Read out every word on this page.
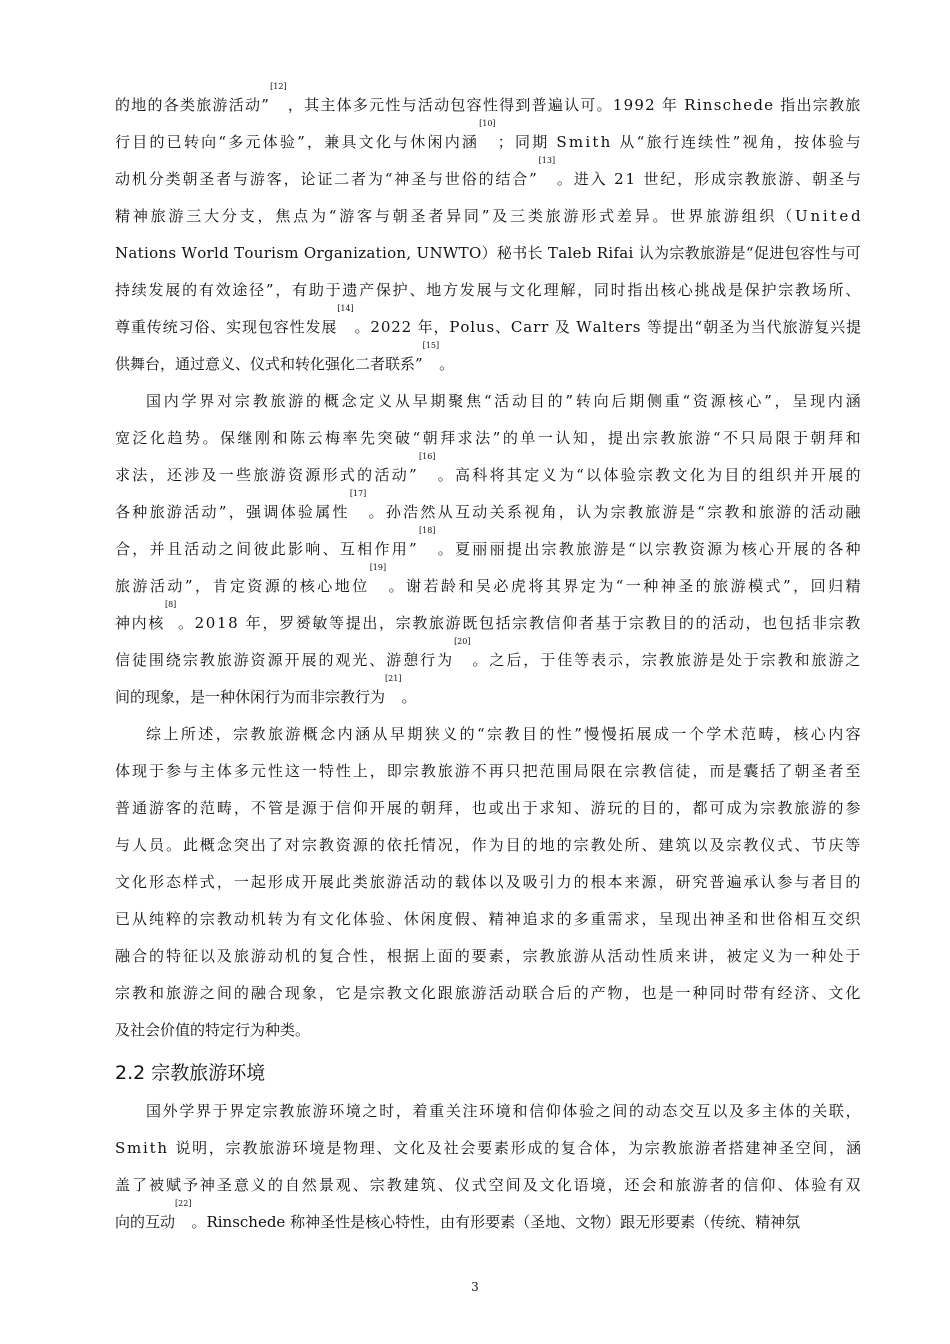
的 地 的 各 类 旅 游 活 动 ”
[12]
， 其 主 体 多 元 性 与 活 动 包 容 性 得 到 普 遍 认 可 。 1 9 9 2
年
R i n s c h e d e
指 出 宗 教 旅
行 目 的 已 转 向 “ 多 元 体 验 ” ， 兼 具 文 化 与 休 闲 内 涵
[10]
； 同 期
S m i t h
从 “ 旅 行 连 续 性 ” 视 角 ， 按 体 验 与
动 机 分 类 朝 圣 者 与 游 客 ， 论 证 二 者 为 “ 神 圣 与 世 俗 的 结 合 ”
[13]
。 进 入
2 1
世 纪 ， 形 成 宗 教 旅 游 、 朝 圣 与
精 神 旅 游 三 大 分 支 ， 焦 点 为 “ 游 客 与 朝 圣 者 异 同 ” 及 三 类 旅 游 形 式 差 异 。 世 界 旅 游 组 织 （ U n i t e d
N a t i o n s
W o r l d
T o u r i s m
O r g a n i z a t i o n ,
U N W T O ） 秘 书 长
T a l e b
R i f a i
认 为 宗 教 旅 游 是 “ 促 进 包 容 性 与 可
持 续 发 展 的 有 效 途 径 ” ， 有 助 于 遗 产 保 护 、 地 方 发 展 与 文 化 理 解 ， 同 时 指 出 核 心 挑 战 是 保 护 宗 教 场 所 、
尊 重 传 统 习 俗 、 实 现 包 容 性 发 展
[14]
。 2 0 2 2
年 ， P o l u s 、 C a r r
及
W a l t e r s
等 提 出 “ 朝 圣 为 当 代 旅 游 复 兴 提
供舞台，通过意义、仪式和转化强化二者联系”
[15]
。
国 内 学 界 对 宗 教 旅 游 的 概 念 定 义 从 早 期 聚 焦 “ 活 动 目 的 ” 转 向 后 期 侧 重 “ 资 源 核 心 ” ， 呈 现 内 涵
宽 泛 化 趋 势 。 保 继 刚 和 陈 云 梅 率 先 突 破 “ 朝 拜 求 法 ” 的 单 一 认 知 ， 提 出 宗 教 旅 游 “ 不 只 局 限 于 朝 拜 和
求 法 ， 还 涉 及 一 些 旅 游 资 源 形 式 的 活 动 ”
[16]
。 高 科 将 其 定 义 为 “ 以 体 验 宗 教 文 化 为 目 的 组 织 并 开 展 的
各 种 旅 游 活 动 ” ， 强 调 体 验 属 性
[17]
。 孙 浩 然 从 互 动 关 系 视 角 ， 认 为 宗 教 旅 游 是 “ 宗 教 和 旅 游 的 活 动 融
合 ， 并 且 活 动 之 间 彼 此 影 响 、 互 相 作 用 ”
[18]
。 夏 丽 丽 提 出 宗 教 旅 游 是 “ 以 宗 教 资 源 为 核 心 开 展 的 各 种
旅 游 活 动 ” ， 肯 定 资 源 的 核 心 地 位
[19]
。 谢 若 龄 和 吴 必 虎 将 其 界 定 为 “ 一 种 神 圣 的 旅 游 模 式 ” ， 回 归 精
神 内 核
[8]
。 2 0 1 8
年 ， 罗 赟 敏 等 提 出 ， 宗 教 旅 游 既 包 括 宗 教 信 仰 者 基 于 宗 教 目 的 的 活 动 ， 也 包 括 非 宗 教
信 徒 围 绕 宗 教 旅 游 资 源 开 展 的 观 光 、 游 憩 行 为
[20]
。 之 后 ， 于 佳 等 表 示 ， 宗 教 旅 游 是 处 于 宗 教 和 旅 游 之
间的现象，是一种休闲行为而非宗教行为
[21]
。
综 上 所 述 ， 宗 教 旅 游 概 念 内 涵 从 早 期 狭 义 的 “ 宗 教 目 的 性 ” 慢 慢 拓 展 成 一 个 学 术 范 畴 ， 核 心 内 容
体 现 于 参 与 主 体 多 元 性 这 一 特 性 上 ， 即 宗 教 旅 游 不 再 只 把 范 围 局 限 在 宗 教 信 徒 ， 而 是 囊 括 了 朝 圣 者 至
普 通 游 客 的 范 畴 ， 不 管 是 源 于 信 仰 开 展 的 朝 拜 ， 也 或 出 于 求 知 、 游 玩 的 目 的 ， 都 可 成 为 宗 教 旅 游 的 参
与 人 员 。 此 概 念 突 出 了 对 宗 教 资 源 的 依 托 情 况 ， 作 为 目 的 地 的 宗 教 处 所 、 建 筑 以 及 宗 教 仪 式 、 节 庆 等
文 化 形 态 样 式 ， 一 起 形 成 开 展 此 类 旅 游 活 动 的 载 体 以 及 吸 引 力 的 根 本 来 源 ， 研 究 普 遍 承 认 参 与 者 目 的
已 从 纯 粹 的 宗 教 动 机 转 为 有 文 化 体 验 、 休 闲 度 假 、 精 神 追 求 的 多 重 需 求 ， 呈 现 出 神 圣 和 世 俗 相 互 交 织
融 合 的 特 征 以 及 旅 游 动 机 的 复 合 性 ， 根 据 上 面 的 要 素 ， 宗 教 旅 游 从 活 动 性 质 来 讲 ， 被 定 义 为 一 种 处 于
宗 教 和 旅 游 之 间 的 融 合 现 象 ， 它 是 宗 教 文 化 跟 旅 游 活 动 联 合 后 的 产 物 ， 也 是 一 种 同 时 带 有 经 济 、 文 化
及社会价值的特定行为种类。
2.2 宗教旅游环境
国 外 学 界 于 界 定 宗 教 旅 游 环 境 之 时 ， 着 重 关 注 环 境 和 信 仰 体 验 之 间 的 动 态 交 互 以 及 多 主 体 的 关 联 ，
S m i t h
说 明 ， 宗 教 旅 游 环 境 是 物 理 、 文 化 及 社 会 要 素 形 成 的 复 合 体 ， 为 宗 教 旅 游 者 搭 建 神 圣 空 间 ， 涵
盖 了 被 赋 予 神 圣 意 义 的 自 然 景 观 、 宗 教 建 筑 、 仪 式 空 间 及 文 化 语 境 ， 还 会 和 旅 游 者 的 信 仰 、 体 验 有 双
向的互动
[22]
。Rinschede 称神圣性是核心特性，由有形要素（圣地、文物）跟无形要素（传统、精神氛
3
